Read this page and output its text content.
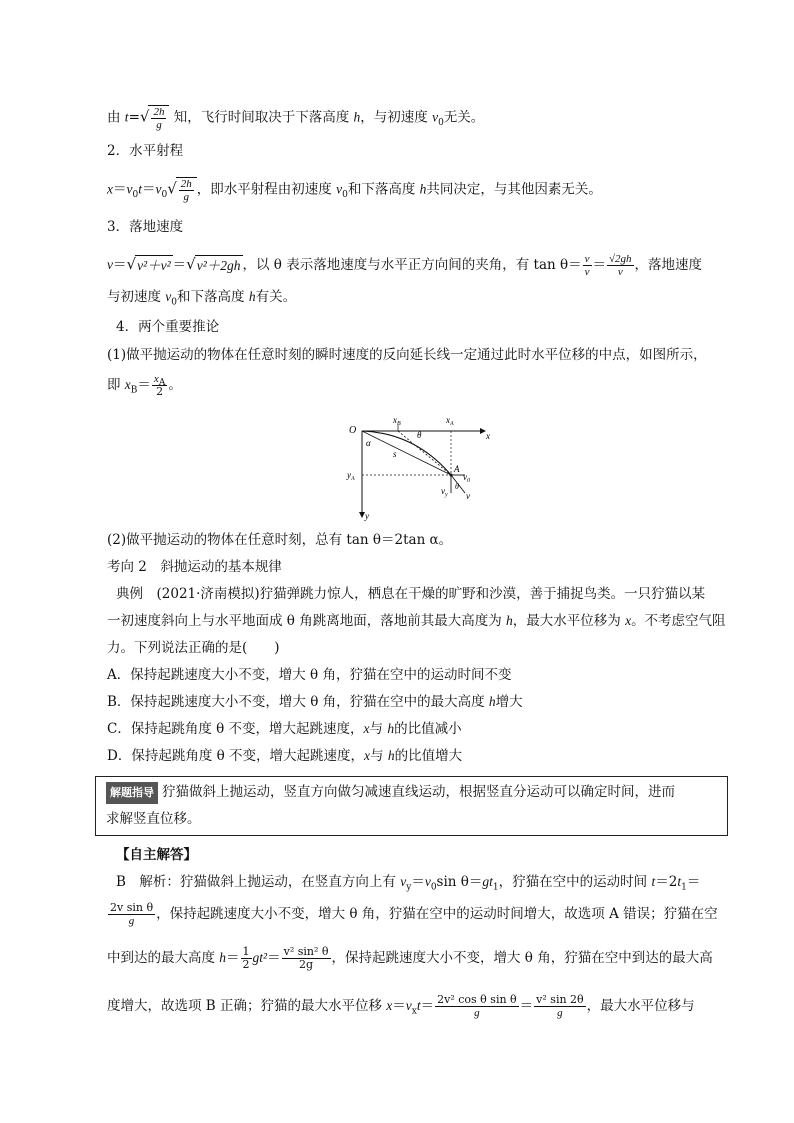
由 $t=√ \frac{2h}{g}$ 知，飞行时间取决于下落高度 h，与初速度 $v_0$无关。
2．水平射程
$x=v_0t=v_0√ \frac{2h}{g}$ ，即水平射程由初速度 $v_0$和下落高度 h共同决定，与其他因素无关。
3．落地速度
v＝√v²＋v² ＝√v²＋2gh ，以 θ 表示落地速度与水平正方向间的夹角，有 $\tan \theta= \frac{v}{v} = \frac{√2gh}{v}$ ，落地速度
与初速度 $v_0$和下落高度 h有关。
4．两个重要推论
(1)做平抛运动的物体在任意时刻的瞬时速度的反向延长线一定通过此时水平位移的中点，如图所示，
即 $x_B= \frac{x_A}{2}$ 。
O	x
y
$x_B$	$x_A$
A
$y_A$
θ
α
s
$v_0$
$v_y$ v
θ
(2)做平抛运动的物体在任意时刻，总有 tan θ＝2tan α。
考向 2　斜抛运动的基本规律
典例　(2021·济南模拟)狞猫弹跳力惊人，栖息在干燥的旷野和沙漠，善于捕捉鸟类。一只狞猫以某
一初速度斜向上与水平地面成 θ 角跳离地面，落地前其最大高度为 h，最大水平位移为 x。不考虑空气阻
力。下列说法正确的是(　　)
A．保持起跳速度大小不变，增大 θ 角，狞猫在空中的运动时间不变
B．保持起跳速度大小不变，增大 θ 角，狞猫在空中的最大高度 h增大
C．保持起跳角度 θ 不变，增大起跳速度，x与 h的比值减小
D．保持起跳角度 θ 不变，增大起跳速度，x与 h的比值增大
解题指导 狞猫做斜上抛运动，竖直方向做匀减速直线运动，根据竖直分运动可以确定时间，进而
求解竖直位移。
【自主解答】
B　解析：狞猫做斜上抛运动，在竖直方向上有 $v_y=v_0\sin$ $\theta=gt_1$，狞猫在空中的运动时间 $t=2t_1=$
$\frac{\text{2v sin θ}}{g}$ ，保持起跳速度大小不变，增大 θ 角，狞猫在空中的运动时间增大，故选项 A 错误；狞猫在空
中到达的最大高度 $h= \frac{1}{2} gt^2= \frac{\text{v² sin² θ}}{2g}$ ，保持起跳速度大小不变，增大 θ 角，狞猫在空中到达的最大高
度增大，故选项 B 正确；狞猫的最大水平位移 $x=v_xt= \frac{\text{2v² cos θ sin θ}}{g} = \frac{\text{v² sin 2θ}}{g}$ ，最大水平位移与
